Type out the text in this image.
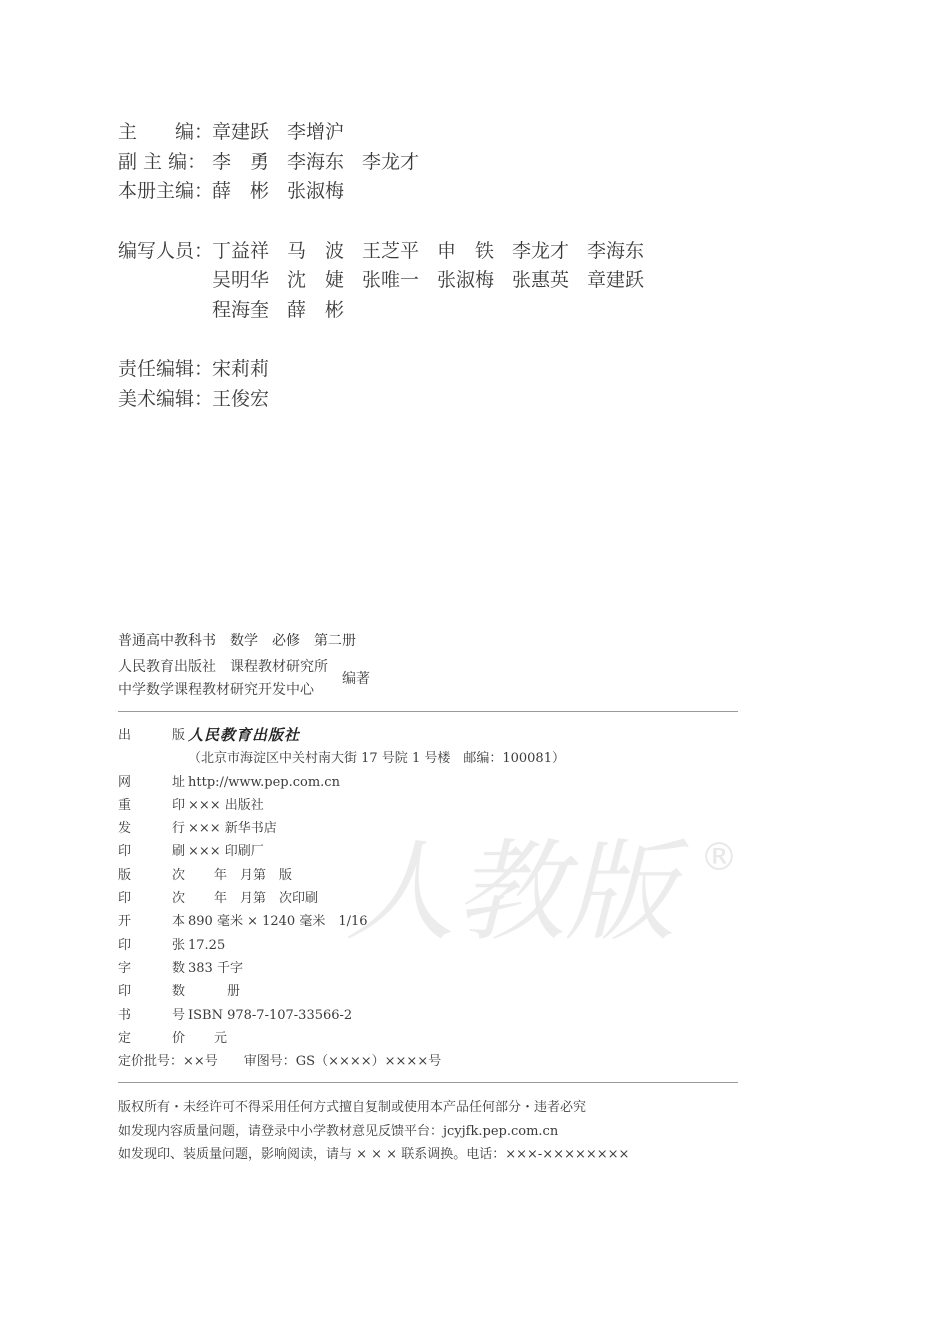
主　　编：
章建跃 李增沪
副 主 编： 李　勇 李海东 李龙才
本册主编：
薛　彬 张淑梅
编写人员：
丁益祥 马　波 王芝平 申　铁 李龙才 李海东
吴明华 沈　婕 张唯一 张淑梅 张惠英 章建跃
程海奎 薛　彬
责任编辑：
宋莉莉
美术编辑：
王俊宏
普通高中教科书　数学　必修　第二册
人民教育出版社　课程教材研究所
中学数学课程教材研究开发中心
编著
人教版 ®
出	版 人民教育出版社
（北京市海淀区中关村南大街 17 号院 1 号楼　邮编：100081）
网	址 http://www.pep.com.cn
重	印 ××× 出版社
发	行 ××× 新华书店
印	刷 ××× 印刷厂
版	次 　　年　月第　版
印	次 　　年　月第　次印刷
开	本 890 毫米 × 1240 毫米　1/16
印	张 17.25
字	数 383 千字
印	数 　　　册
书	号 ISBN 978-7-107-33566-2
定	价 　　元
定价批号：××号　　审图号：GS（××××）××××号
版权所有・未经许可不得采用任何方式擅自复制或使用本产品任何部分・违者必究
如发现内容质量问题，请登录中小学教材意见反馈平台：jcyjfk.pep.com.cn
如发现印、装质量问题，影响阅读，请与 × × × 联系调换。电话：×××-××××××××
